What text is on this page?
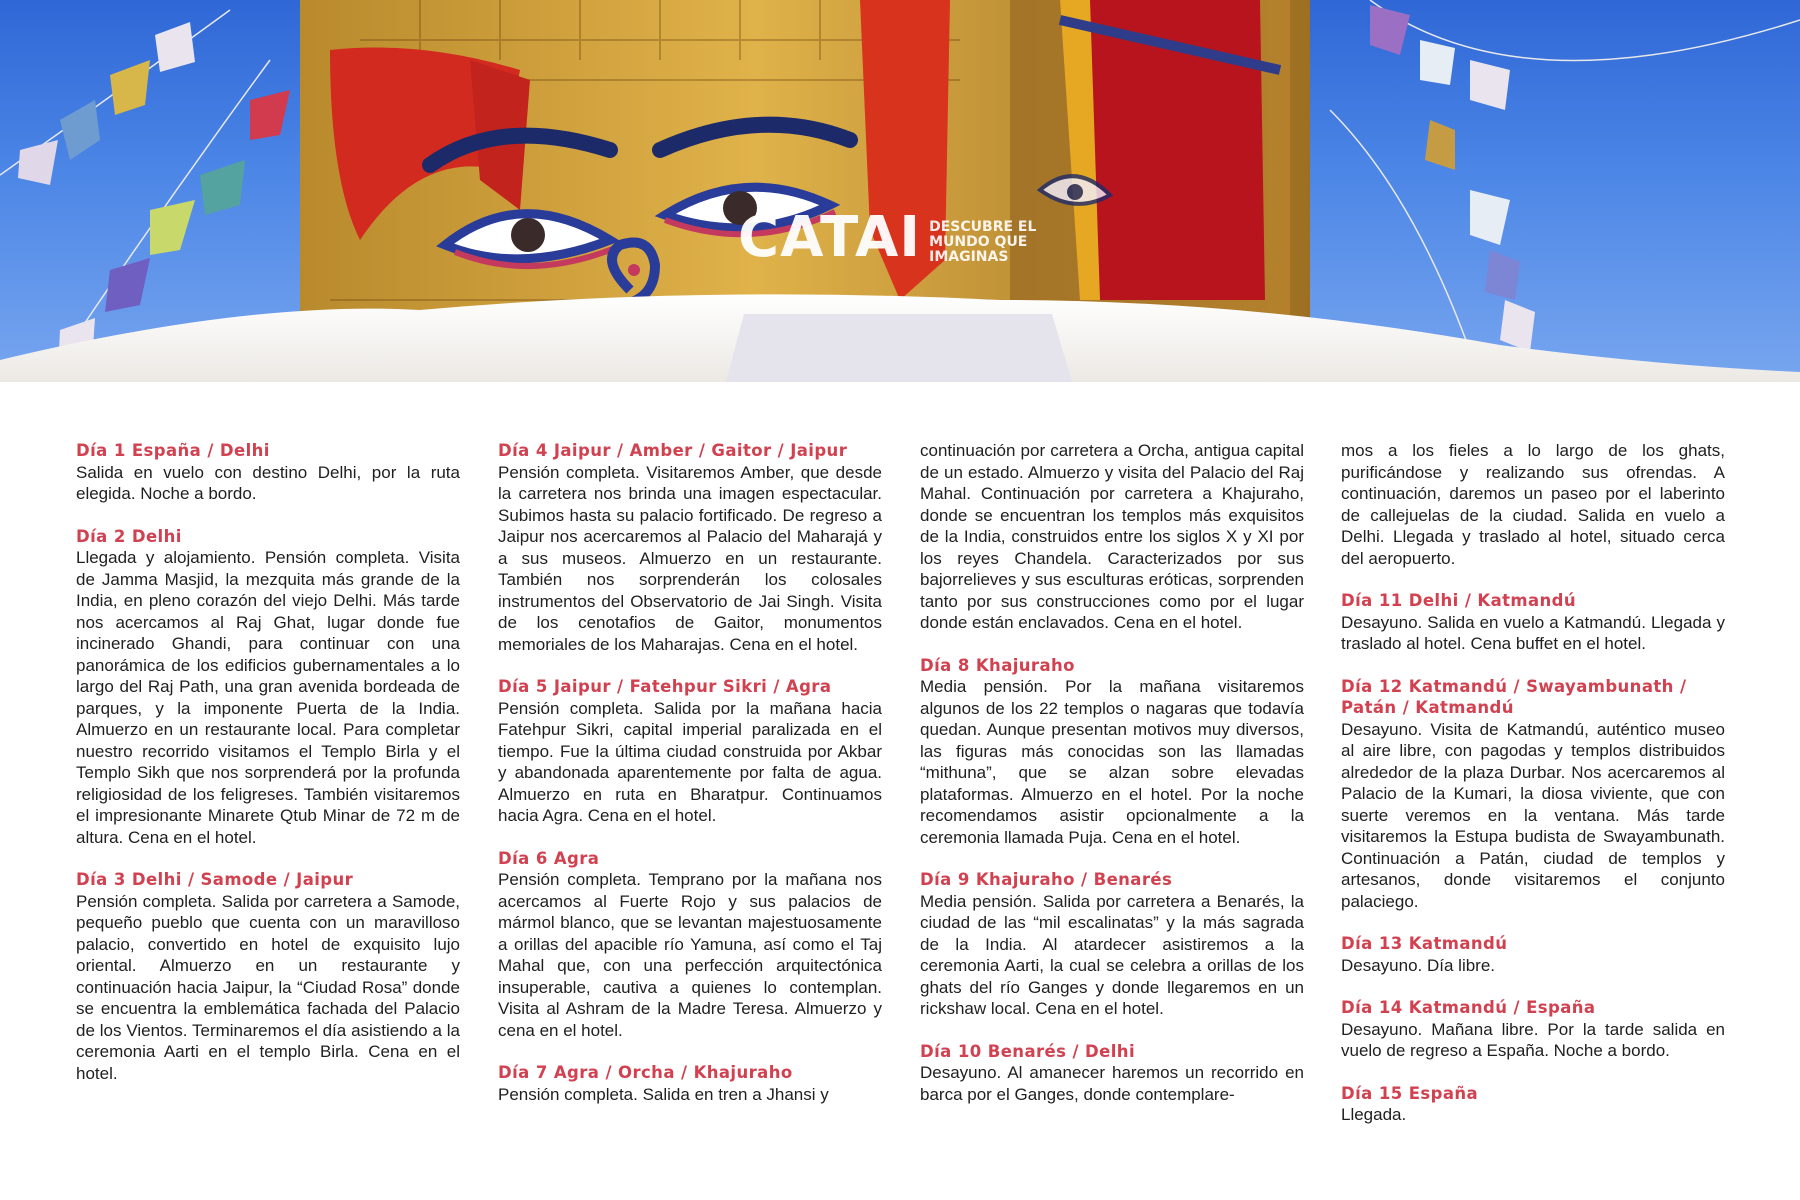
CATAI DESCUBRE EL
MUNDO QUE
IMAGINAS
Día 1 España / Delhi

Salida en vuelo con destino Delhi, por la ruta elegida. Noche a bordo.

Día 2 Delhi

Llegada y alojamiento. Pensión completa. Visita de Jamma Masjid, la mezquita más grande de la India, en pleno corazón del viejo Delhi. Más tarde nos acercamos al Raj Ghat, lugar donde fue incinerado Ghandi, para continuar con una panorámica de los edificios gubernamentales a lo largo del Raj Path, una gran avenida bordeada de parques, y la imponente Puerta de la India. Almuerzo en un restaurante local. Para completar nuestro recorrido visitamos el Templo Birla y el Templo Sikh que nos sorprenderá por la profunda religiosidad de los feligreses. También visitaremos el impresionante Minarete Qtub Minar de 72 m de altura. Cena en el hotel.

Día 3 Delhi / Samode / Jaipur

Pensión completa. Salida por carretera a Samode, pequeño pueblo que cuenta con un maravilloso palacio, convertido en hotel de exquisito lujo oriental. Almuerzo en un restaurante y continuación hacia Jaipur, la “Ciudad Rosa” donde se encuentra la emblemática fachada del Palacio de los Vientos. Terminaremos el día asistiendo a la ceremonia Aarti en el templo Birla. Cena en el hotel.

Día 4 Jaipur / Amber / Gaitor / Jaipur

Pensión completa. Visitaremos Amber, que desde la carretera nos brinda una imagen espectacular. Subimos hasta su palacio fortificado. De regreso a Jaipur nos acercaremos al Palacio del Maharajá y a sus museos. Almuerzo en un restaurante. También nos sorprenderán los colosales instrumentos del Observatorio de Jai Singh. Visita de los cenotafios de Gaitor, monumentos memoriales de los Maharajas. Cena en el hotel.

Día 5 Jaipur / Fatehpur Sikri / Agra

Pensión completa. Salida por la mañana hacia Fatehpur Sikri, capital imperial paralizada en el tiempo. Fue la última ciudad construida por Akbar y abandonada aparentemente por falta de agua. Almuerzo en ruta en Bharatpur. Continuamos hacia Agra. Cena en el hotel.

Día 6 Agra

Pensión completa. Temprano por la mañana nos acercamos al Fuerte Rojo y sus palacios de mármol blanco, que se levantan majestuosamente a orillas del apacible río Yamuna, así como el Taj Mahal que, con una perfección arquitectónica insuperable, cautiva a quienes lo contemplan. Visita al Ashram de la Madre Teresa. Almuerzo y cena en el hotel.

Día 7 Agra / Orcha / Khajuraho

Pensión completa. Salida en tren a Jhansi y

continuación por carretera a Orcha, antigua capital de un estado. Almuerzo y visita del Palacio del Raj Mahal. Continuación por carretera a Khajuraho, donde se encuentran los templos más exquisitos de la India, construidos entre los siglos X y XI por los reyes Chandela. Caracterizados por sus bajorrelieves y sus esculturas eróticas, sorprenden tanto por sus construcciones como por el lugar donde están enclavados. Cena en el hotel.

Día 8 Khajuraho

Media pensión. Por la mañana visitaremos algunos de los 22 templos o nagaras que todavía quedan. Aunque presentan motivos muy diversos, las figuras más conocidas son las llamadas “mithuna”, que se alzan sobre elevadas plataformas. Almuerzo en el hotel. Por la noche recomendamos asistir opcionalmente a la ceremonia llamada Puja. Cena en el hotel.

Día 9 Khajuraho / Benarés

Media pensión. Salida por carretera a Benarés, la ciudad de las “mil escalinatas” y la más sagrada de la India. Al atardecer asistiremos a la ceremonia Aarti, la cual se celebra a orillas de los ghats del río Ganges y donde llegaremos en un rickshaw local. Cena en el hotel.

Día 10 Benarés / Delhi

Desayuno. Al amanecer haremos un recorrido en barca por el Ganges, donde contemplare-

mos a los fieles a lo largo de los ghats, purificándose y realizando sus ofrendas. A continuación, daremos un paseo por el laberinto de callejuelas de la ciudad. Salida en vuelo a Delhi. Llegada y traslado al hotel, situado cerca del aeropuerto.

Día 11 Delhi / Katmandú

Desayuno. Salida en vuelo a Katmandú. Llegada y traslado al hotel. Cena buffet en el hotel.

Día 12 Katmandú / Swayambunath / Patán / Katmandú

Desayuno. Visita de Katmandú, auténtico museo al aire libre, con pagodas y templos distribuidos alrededor de la plaza Durbar. Nos acercaremos al Palacio de la Kumari, la diosa viviente, que con suerte veremos en la ventana. Más tarde visitaremos la Estupa budista de Swayambunath. Continuación a Patán, ciudad de templos y artesanos, donde visitaremos el conjunto palaciego.

Día 13 Katmandú

Desayuno. Día libre.

Día 14 Katmandú / España

Desayuno. Mañana libre. Por la tarde salida en vuelo de regreso a España. Noche a bordo.

Día 15 España

Llegada.
